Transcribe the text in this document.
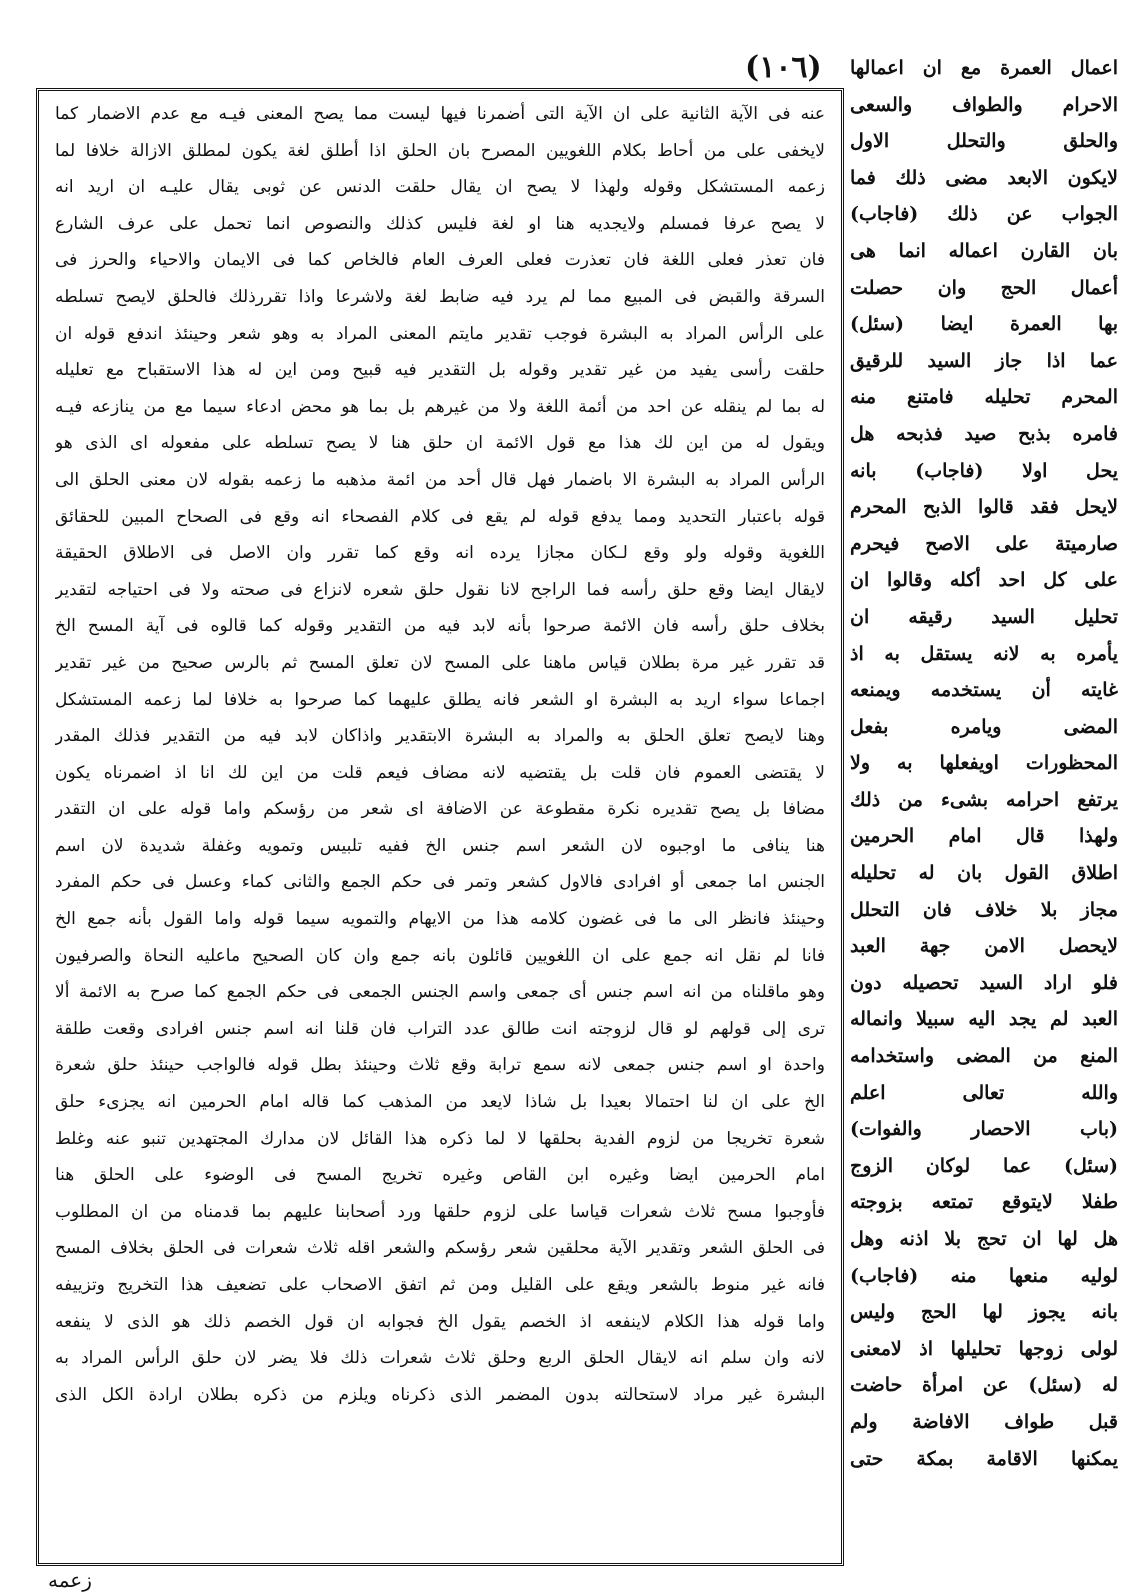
(١٠٦)
عنه فى الآية الثانية على ان الآية التى أضمرنا فيها ليست مما يصح المعنى فيـه مع عدم الاضمار كما
لايخفى على من أحاط بكلام اللغويين المصرح بان الحلق اذا أطلق لغة يكون لمطلق الازالة خلافا لما
زعمه المستشكل وقوله ولهذا لا يصح ان يقال حلقت الدنس عن ثوبى يقال عليـه ان اريد انه
لا يصح عرفا فمسلم ولايجديه هنا او لغة فليس كذلك والنصوص انما تحمل على عرف الشارع
فان تعذر فعلى اللغة فان تعذرت فعلى العرف العام فالخاص كما فى الايمان والاحياء والحرز فى
السرقة والقبض فى المبيع مما لم يرد فيه ضابط لغة ولاشرعا واذا تقررذلك فالحلق لايصح تسلطه
على الرأس المراد به البشرة فوجب تقدير مايتم المعنى المراد به وهو شعر وحينئذ اندفع قوله ان
حلقت رأسى يفيد من غير تقدير وقوله بل التقدير فيه قبيح ومن اين له هذا الاستقباح مع تعليله
له بما لم ينقله عن احد من أئمة اللغة ولا من غيرهم بل بما هو محض ادعاء سيما مع من ينازعه فيـه
ويقول له من اين لك هذا مع قول الائمة ان حلق هنا لا يصح تسلطه على مفعوله اى الذى هو
الرأس المراد به البشرة الا باضمار فهل قال أحد من ائمة مذهبه ما زعمه بقوله لان معنى الحلق الى
قوله باعتبار التحديد ومما يدفع قوله لم يقع فى كلام الفصحاء انه وقع فى الصحاح المبين للحقائق
اللغوية وقوله ولو وقع لـكان مجازا يرده انه وقع كما تقرر وان الاصل فى الاطلاق الحقيقة
لايقال ايضا وقع حلق رأسه فما الراجح لانا نقول حلق شعره لانزاع فى صحته ولا فى احتياجه لتقدير
بخلاف حلق رأسه فان الائمة صرحوا بأنه لابد فيه من التقدير وقوله كما قالوه فى آية المسح الخ
قد تقرر غير مرة بطلان قياس ماهنا على المسح لان تعلق المسح ثم بالرس صحيح من غير تقدير
اجماعا سواء اريد به البشرة او الشعر فانه يطلق عليهما كما صرحوا به خلافا لما زعمه المستشكل
وهنا لايصح تعلق الحلق به والمراد به البشرة الابتقدير واذاكان لابد فيه من التقدير فذلك المقدر
لا يقتضى العموم فان قلت بل يقتضيه لانه مضاف فيعم قلت من اين لك انا اذ اضمرناه يكون
مضافا بل يصح تقديره نكرة مقطوعة عن الاضافة اى شعر من رؤسكم واما قوله على ان التقدر
هنا ينافى ما اوجبوه لان الشعر اسم جنس الخ ففيه تلبيس وتمويه وغفلة شديدة لان اسم
الجنس اما جمعى أو افرادى فالاول كشعر وتمر فى حكم الجمع والثانى كماء وعسل فى حكم المفرد
وحينئذ فانظر الى ما فى غضون كلامه هذا من الايهام والتمويه سيما قوله واما القول بأنه جمع الخ
فانا لم نقل انه جمع على ان اللغويين قائلون بانه جمع وان كان الصحيح ماعليه النحاة والصرفيون
وهو ماقلناه من انه اسم جنس أى جمعى واسم الجنس الجمعى فى حكم الجمع كما صرح به الائمة ألا
ترى إلى قولهم لو قال لزوجته انت طالق عدد التراب فان قلنا انه اسم جنس افرادى وقعت طلقة
واحدة او اسم جنس جمعى لانه سمع ترابة وقع ثلاث وحينئذ بطل قوله فالواجب حينئذ حلق شعرة
الخ على ان لنا احتمالا بعيدا بل شاذا لايعد من المذهب كما قاله امام الحرمين انه يجزىء حلق
شعرة تخريجا من لزوم الفدية بحلقها لا لما ذكره هذا القائل لان مدارك المجتهدين تنبو عنه وغلط
امام الحرمين ايضا وغيره ابن القاص وغيره تخريج المسح فى الوضوء على الحلق هنا
فأوجبوا مسح ثلاث شعرات قياسا على لزوم حلقها ورد أصحابنا عليهم بما قدمناه من ان المطلوب
فى الحلق الشعر وتقدير الآية محلقين شعر رؤسكم والشعر اقله ثلاث شعرات فى الحلق بخلاف المسح
فانه غير منوط بالشعر ويقع على القليل ومن ثم اتفق الاصحاب على تضعيف هذا التخريج وتزييفه
واما قوله هذا الكلام لاينفعه اذ الخصم يقول الخ فجوابه ان قول الخصم ذلك هو الذى لا ينفعه
لانه وان سلم انه لايقال الحلق الربع وحلق ثلاث شعرات ذلك فلا يضر لان حلق الرأس المراد به
البشرة غير مراد لاستحالته بدون المضمر الذى ذكرناه ويلزم من ذكره بطلان ارادة الكل الذى
اعمال العمرة مع ان اعمالها
الاحرام والطواف والسعى
والحلق والتحلل الاول
لايكون الابعد مضى ذلك فما
الجواب عن ذلك (فاجاب)
بان القارن اعماله انما هى
أعمال الحج وان حصلت
بها العمرة ايضا (سئل)
عما اذا جاز السيد للرقيق
المحرم تحليله فامتنع منه
فامره بذبح صيد فذبحه هل
يحل اولا (فاجاب) بانه
لايحل فقد قالوا الذبح المحرم
صارميتة على الاصح فيحرم
على كل احد أكله وقالوا ان
تحليل السيد رقيقه ان
يأمره به لانه يستقل به اذ
غايته أن يستخدمه ويمنعه
المضى ويامره بفعل
المحظورات اويفعلها به ولا
يرتفع احرامه بشىء من ذلك
ولهذا قال امام الحرمين
اطلاق القول بان له تحليله
مجاز بلا خلاف فان التحلل
لايحصل الامن جهة العبد
فلو اراد السيد تحصيله دون
العبد لم يجد اليه سبيلا وانماله
المنع من المضى واستخدامه
والله تعالى اعلم
(باب الاحصار والفوات)
(سئل) عما لوكان الزوج
طفلا لايتوقع تمتعه بزوجته
هل لها ان تحج بلا اذنه وهل
لوليه منعها منه (فاجاب)
بانه يجوز لها الحج وليس
لولى زوجها تحليلها اذ لامعنى
له (سئل) عن امرأة حاضت
قبل طواف الافاضة ولم
يمكنها الاقامة بمكة حتى
زعمه
